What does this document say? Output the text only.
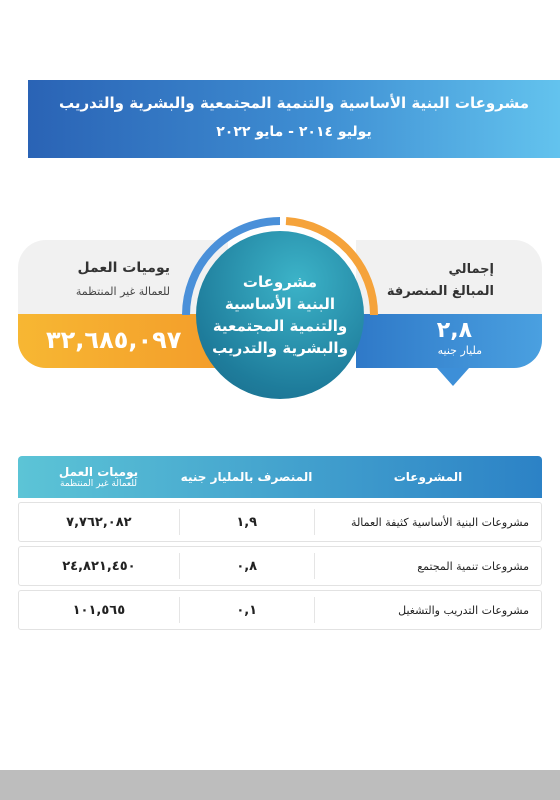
مشروعات البنية الأساسية والتنمية المجتمعية والبشرية والتدريب
يوليو ٢٠١٤ - مايو ٢٠٢٢
يوميات العمل
للعمالة غير المنتظمة
٣٢,٦٨٥,٠٩٧
إجمالي
المبالغ المنصرفة
٢,٨
مليار جنيه
مشروعات
البنية الأساسية
والتنمية المجتمعية
والبشرية والتدريب
المشروعات
المنصرف بالمليار جنيه
يوميات العمل
للعمالة غير المنتظمة
مشروعات البنية الأساسية كثيفة العمالة
١,٩
٧,٧٦٢,٠٨٢
مشروعات تنمية المجتمع
٠,٨
٢٤,٨٢١,٤٥٠
مشروعات التدريب والتشغيل
٠,١
١٠١,٥٦٥
